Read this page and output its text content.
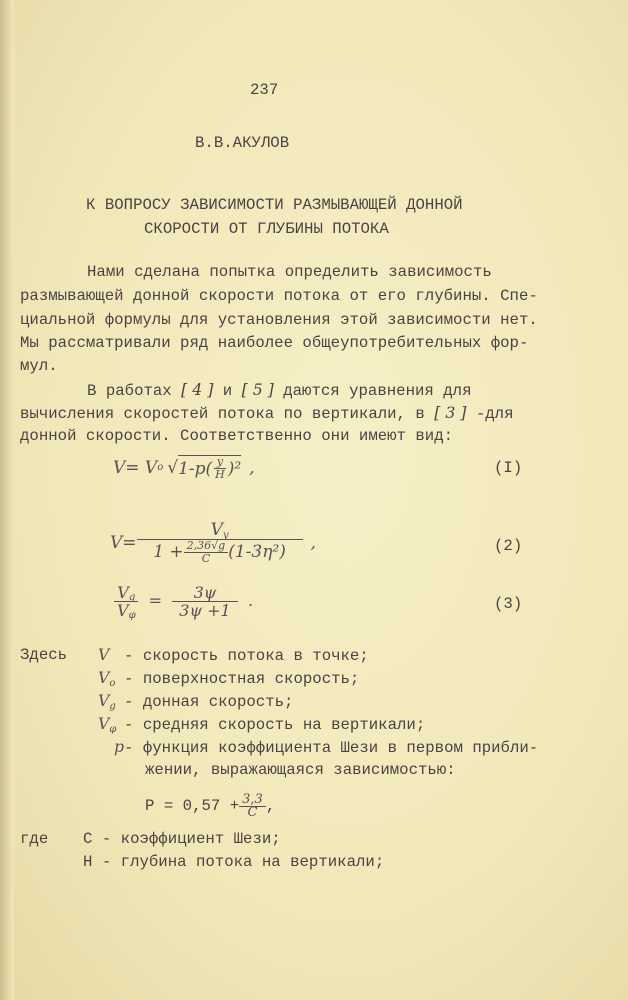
237
В.В.АКУЛОВ
К ВОПРОСУ ЗАВИСИМОСТИ РАЗМЫВАЮЩЕЙ ДОННОЙ
СКОРОСТИ ОТ ГЛУБИНЫ ПОТОКА
Нами сделана попытка определить зависимость
размывающей донной скорости потока от его глубины. Спе-
циальной формулы для установления этой зависимости нет.
Мы рассматривали ряд наиболее общеупотребительных фор-
мул.
В работах [ 4 ] и [ 5 ] даются уравнения для
вычисления скоростей потока по вертикали, в [ 3 ] -для
донной скорости. Соответственно они имеют вид:
V= V o √ $1-p( \frac{y}{H} )^2$ ,	(I)
$V= \frac{V_y}{1 + \frac{2,36√g}{C} (1-3\eta^2)}$ ,	(2)
$\frac{V_g}{V_\varphi} = \frac{3\psi}{3\psi +1}$ .	(3)
Здесь V - скорость потока в точке;
$V_o$ - поверхностная скорость;
$V_g$ - донная скорость;
$V_\varphi$ - средняя скорость на вертикали;
p- функция коэффициента Шези в первом прибли-
жении, выражающаяся зависимостью:
$P = 0,57 + \frac{3,3}{C}$ ,
где C - коэффициент Шези;
H - глубина потока на вертикали;
